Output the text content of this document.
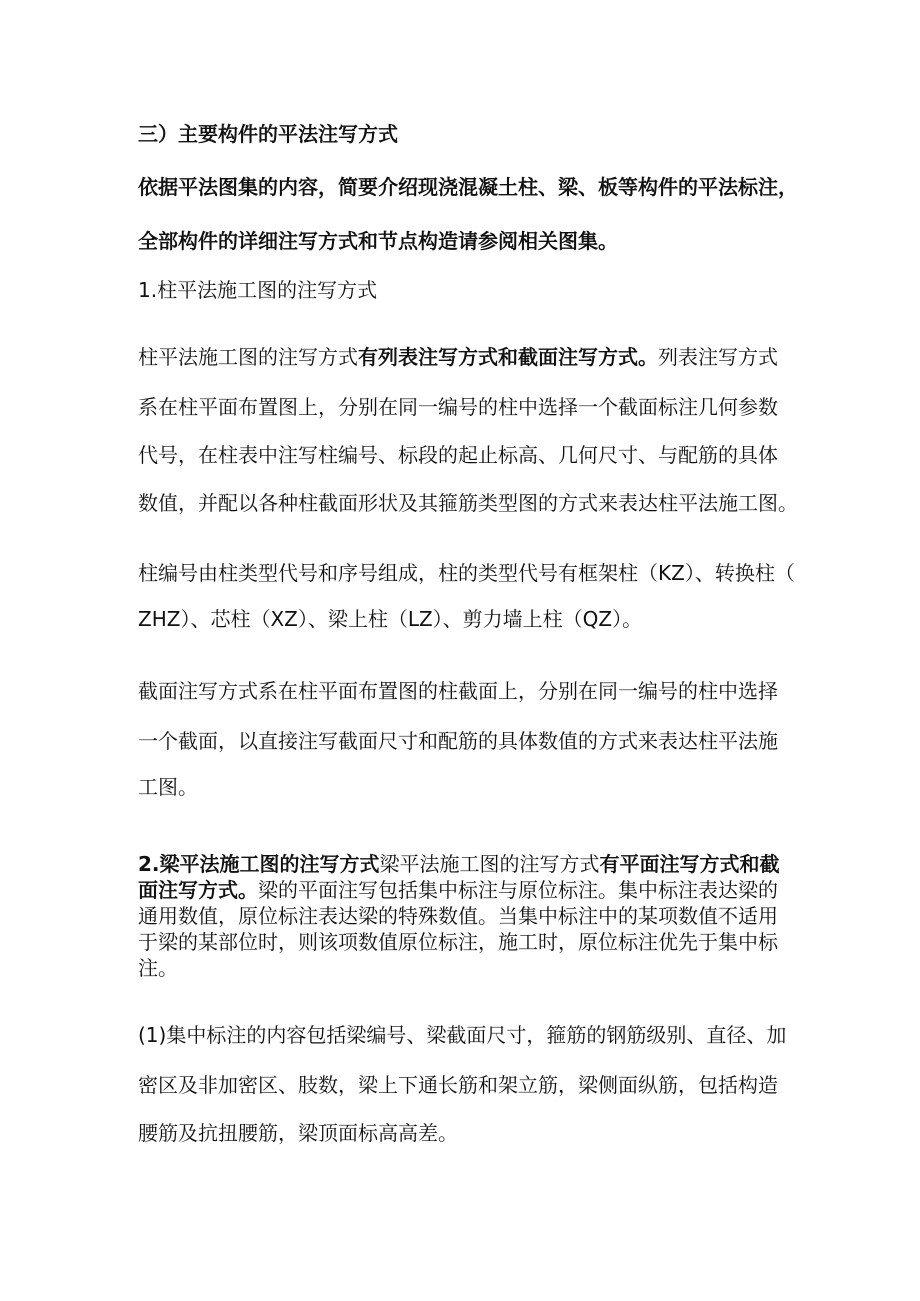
三）主要构件的平法注写方式
依据平法图集的内容，简要介绍现浇混凝土柱、梁、板等构件的平法标注，
全部构件的详细注写方式和节点构造请参阅相关图集。
1.柱平法施工图的注写方式
柱平法施工图的注写方式有列表注写方式和截面注写方式。列表注写方式
系在柱平面布置图上，分别在同一编号的柱中选择一个截面标注几何参数
代号，在柱表中注写柱编号、标段的起止标高、几何尺寸、与配筋的具体
数值，并配以各种柱截面形状及其箍筋类型图的方式来表达柱平法施工图。
柱编号由柱类型代号和序号组成，柱的类型代号有框架柱（KZ）、转换柱（
ZHZ）、芯柱（XZ）、梁上柱（LZ）、剪力墙上柱（QZ）。
截面注写方式系在柱平面布置图的柱截面上，分别在同一编号的柱中选择
一个截面，以直接注写截面尺寸和配筋的具体数值的方式来表达柱平法施
工图。
2.梁平法施工图的注写方式梁平法施工图的注写方式有平面注写方式和截
面注写方式。梁的平面注写包括集中标注与原位标注。集中标注表达梁的
通用数值，原位标注表达梁的特殊数值。当集中标注中的某项数值不适用
于梁的某部位时，则该项数值原位标注，施工时，原位标注优先于集中标
注。
(1)集中标注的内容包括梁编号、梁截面尺寸，箍筋的钢筋级别、直径、加
密区及非加密区、肢数，梁上下通长筋和架立筋，梁侧面纵筋，包括构造
腰筋及抗扭腰筋，梁顶面标高高差。
